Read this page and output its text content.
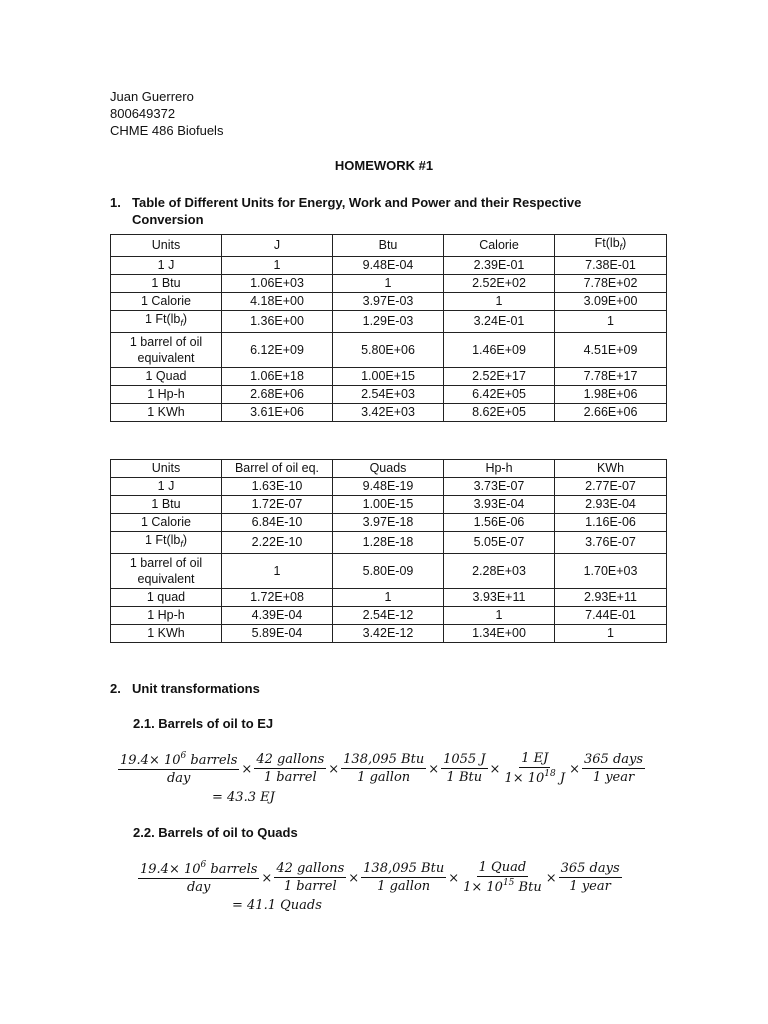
Juan Guerrero
800649372
CHME 486 Biofuels
HOMEWORK #1
1. Table of Different Units for Energy, Work and Power and their Respective
Conversion
Units	J	Btu	Calorie	$Ft(lb_f)$
1 J	1	9.48E-04	2.39E-01	7.38E-01
1 Btu	1.06E+03	1	2.52E+02	7.78E+02
1 Calorie	4.18E+00	3.97E-03	1	3.09E+00
1 $Ft(lb_f)$	1.36E+00	1.29E-03	3.24E-01	1
1 barrel of oil equivalent	6.12E+09	5.80E+06	1.46E+09	4.51E+09
1 Quad	1.06E+18	1.00E+15	2.52E+17	7.78E+17
1 Hp-h	2.68E+06	2.54E+03	6.42E+05	1.98E+06
1 KWh	3.61E+06	3.42E+03	8.62E+05	2.66E+06
Units	Barrel of oil eq.	Quads	Hp-h	KWh
1 J	1.63E-10	9.48E-19	3.73E-07	2.77E-07
1 Btu	1.72E-07	1.00E-15	3.93E-04	2.93E-04
1 Calorie	6.84E-10	3.97E-18	1.56E-06	1.16E-06
1 $Ft(lb_f)$	2.22E-10	1.28E-18	5.05E-07	3.76E-07
1 barrel of oil equivalent	1	5.80E-09	2.28E+03	1.70E+03
1 quad	1.72E+08	1	3.93E+11	2.93E+11
1 Hp-h	4.39E-04	2.54E-12	1	7.44E-01
1 KWh	5.89E-04	3.42E-12	1.34E+00	1
2. Unit transformations
2.1. Barrels of oil to EJ
$\frac{19.4\times 10^6 barrels}{\text{day}} \times \frac{\text{42 gallons}}{\text{1 barrel}} \times \frac{\text{138,095 Btu}}{\text{1 gallon}} \times \frac{1055 J}{\text{1 Btu}} \times \frac{1 EJ}{1\times 10^{18} J} \times \frac{\text{365 days}}{\text{1 year}}$
= 43.3 EJ
2.2. Barrels of oil to Quads
$\frac{19.4\times 10^6 barrels}{\text{day}} \times \frac{\text{42 gallons}}{\text{1 barrel}} \times \frac{\text{138,095 Btu}}{\text{1 gallon}} \times \frac{\text{1 Quad}}{1\times 10^{15} Btu} \times \frac{\text{365 days}}{\text{1 year}}$
= 41.1 Quads
